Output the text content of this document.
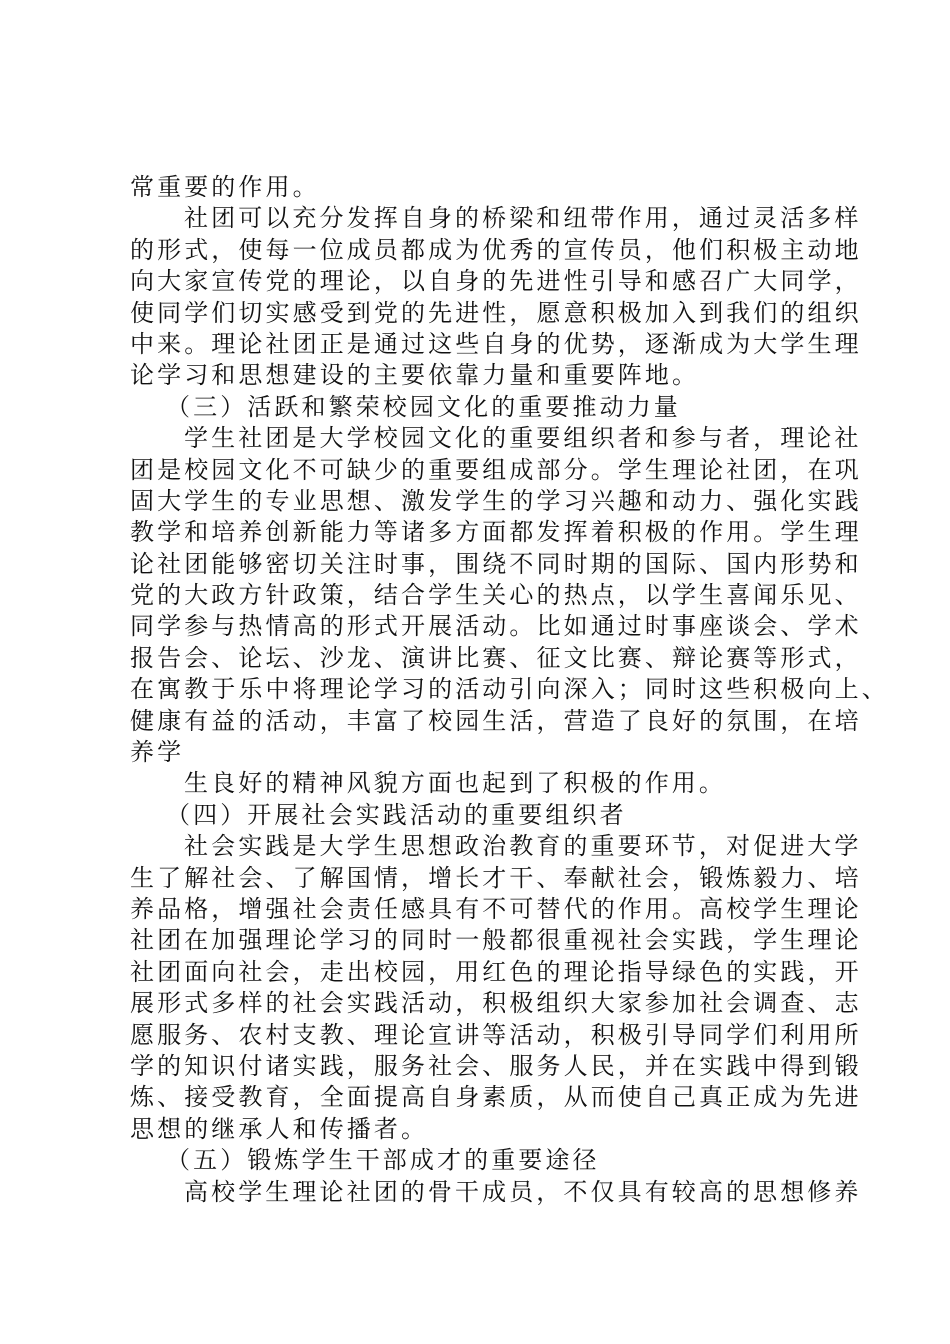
常重要的作用。
社团可以充分发挥自身的桥梁和纽带作用，通过灵活多样
的形式，使每一位成员都成为优秀的宣传员，他们积极主动地
向大家宣传党的理论，以自身的先进性引导和感召广大同学，
使同学们切实感受到党的先进性，愿意积极加入到我们的组织
中来。理论社团正是通过这些自身的优势，逐渐成为大学生理
论学习和思想建设的主要依靠力量和重要阵地。
（三）活跃和繁荣校园文化的重要推动力量
学生社团是大学校园文化的重要组织者和参与者，理论社
团是校园文化不可缺少的重要组成部分。学生理论社团，在巩
固大学生的专业思想、激发学生的学习兴趣和动力、强化实践
教学和培养创新能力等诸多方面都发挥着积极的作用。学生理
论社团能够密切关注时事，围绕不同时期的国际、国内形势和
党的大政方针政策，结合学生关心的热点，以学生喜闻乐见、
同学参与热情高的形式开展活动。比如通过时事座谈会、学术
报告会、论坛、沙龙、演讲比赛、征文比赛、辩论赛等形式，
在寓教于乐中将理论学习的活动引向深入；同时这些积极向上、
健康有益的活动，丰富了校园生活，营造了良好的氛围，在培
养学
生良好的精神风貌方面也起到了积极的作用。
（四）开展社会实践活动的重要组织者
社会实践是大学生思想政治教育的重要环节，对促进大学
生了解社会、了解国情，增长才干、奉献社会，锻炼毅力、培
养品格，增强社会责任感具有不可替代的作用。高校学生理论
社团在加强理论学习的同时一般都很重视社会实践，学生理论
社团面向社会，走出校园，用红色的理论指导绿色的实践，开
展形式多样的社会实践活动，积极组织大家参加社会调查、志
愿服务、农村支教、理论宣讲等活动，积极引导同学们利用所
学的知识付诸实践，服务社会、服务人民，并在实践中得到锻
炼、接受教育，全面提高自身素质，从而使自己真正成为先进
思想的继承人和传播者。
（五）锻炼学生干部成才的重要途径
高校学生理论社团的骨干成员，不仅具有较高的思想修养
